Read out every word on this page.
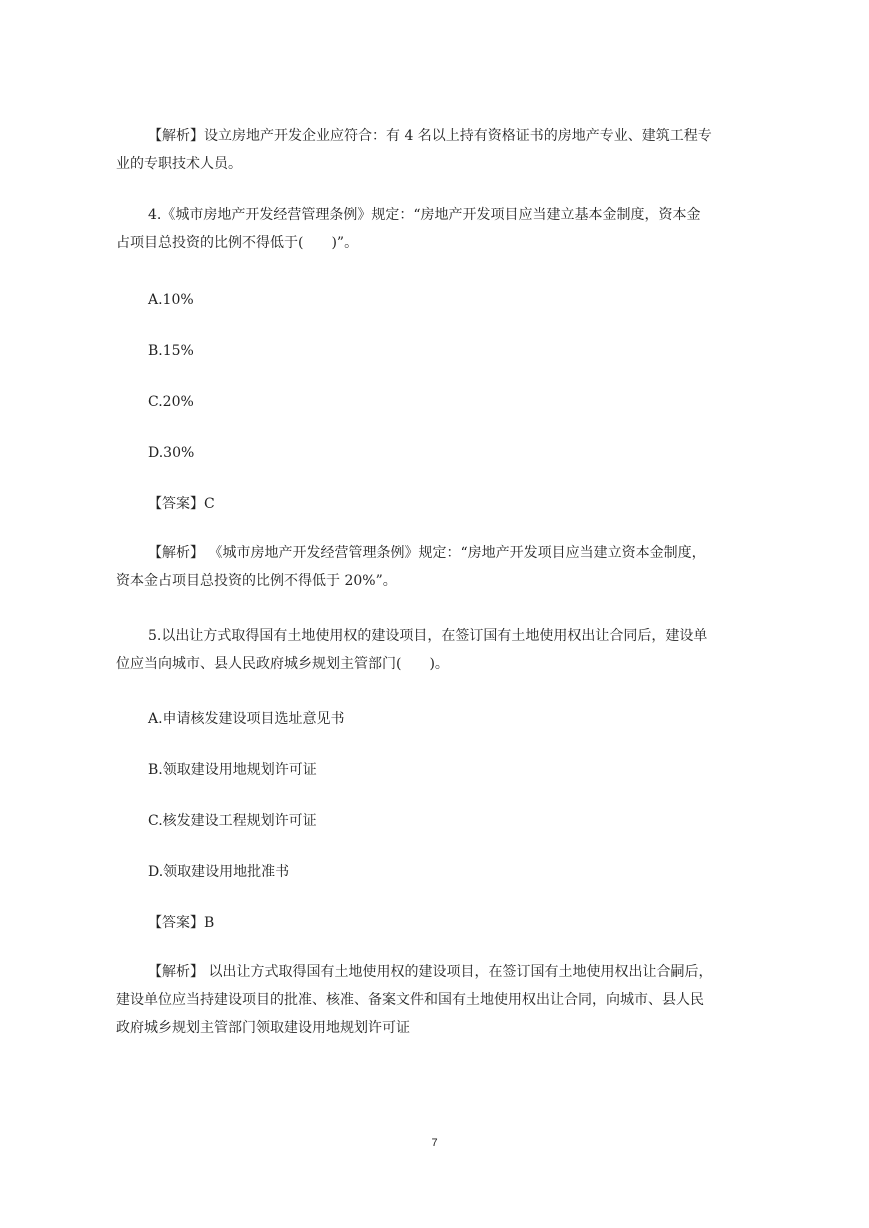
【解析】设立房地产开发企业应符合：有 4 名以上持有资格证书的房地产专业、建筑工程专
业的专职技术人员。

4.《城市房地产开发经营管理条例》规定：“房地产开发项目应当建立基本金制度，资本金
占项目总投资的比例不得低于(　　)”。

A.10%

B.15%

C.20%

D.30%

【答案】C

【解析】 《城市房地产开发经营管理条例》规定：“房地产开发项目应当建立资本金制度，
资本金占项目总投资的比例不得低于 20%”。

5.以出让方式取得国有土地使用权的建设项目，在签订国有土地使用权出让合同后，建设单
位应当向城市、县人民政府城乡规划主管部门(　　)。

A.申请核发建设项目选址意见书

B.领取建设用地规划许可证

C.核发建设工程规划许可证

D.领取建设用地批准书

【答案】B

【解析】 以出让方式取得国有土地使用权的建设项目，在签订国有土地使用权出让合嗣后，
建设单位应当持建设项目的批准、核准、备案文件和国有土地使用权出让合同，向城市、县人民
政府城乡规划主管部门领取建设用地规划许可证

7
